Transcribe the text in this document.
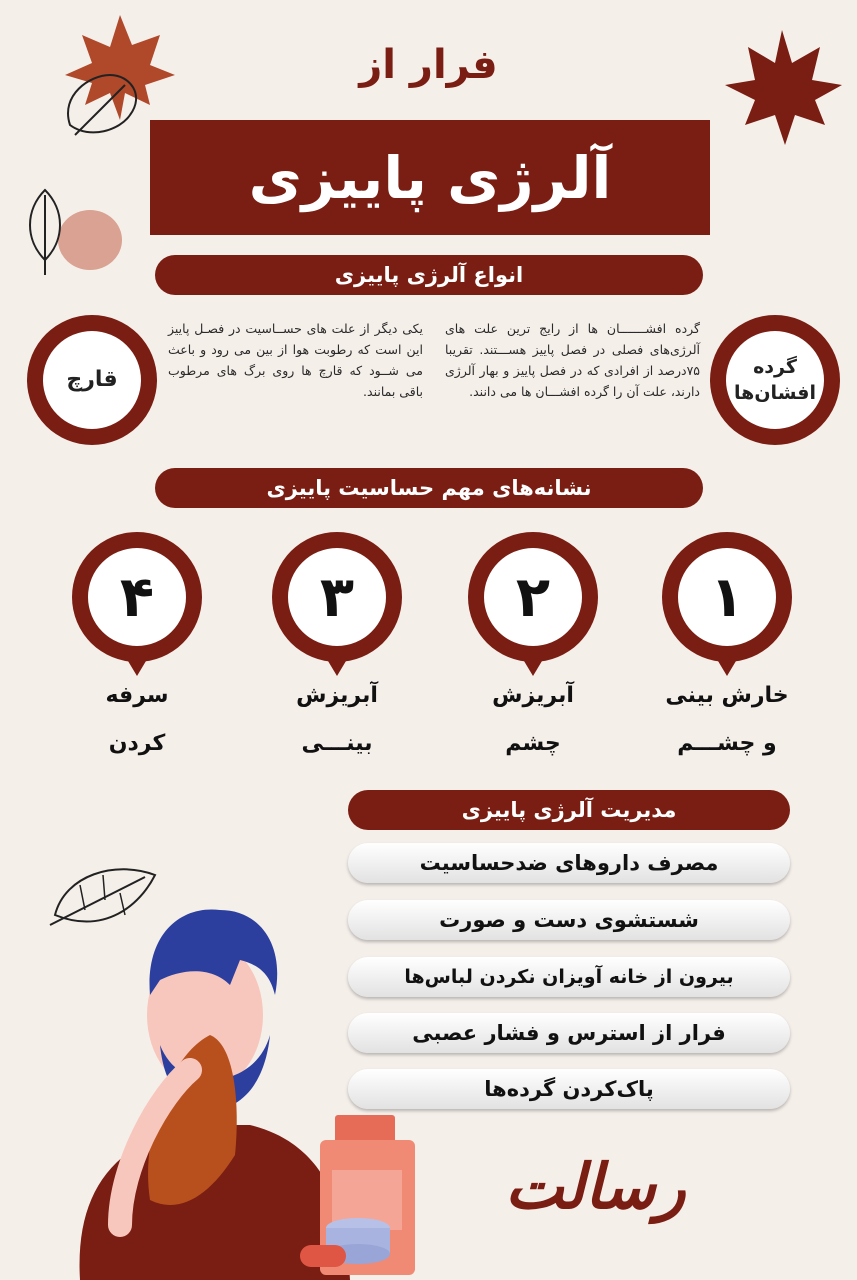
فرار از
آلرژی پاییزی
انواع آلرژی پاییزی
گرده
افشان‌ها
گرده افشـــــــان ها از رایج ترین علت های آلرژی‌های فصلی در فصل پاییز هســـتند. تقریبا ۷۵درصد از افرادی که در فصل پاییز و بهار آلرژی دارند، علت آن را گرده افشـــان ها می دانند.
قارچ
یکی دیگر از علت های حســاسیت در فصـل پاییز این است که رطوبت هوا از بین می رود و باعث می شــود که قارچ ها روی برگ های مرطوب باقی بمانند.
نشانه‌های مهم حساسیت پاییزی
۱
۲
۳
۴
خارش بینی
و چشـــم
آبریزش
چشم
آبریزش
بینـــی
سرفه
کردن
مدیریت آلرژی پاییزی
مصرف داروهای ضدحساسیت
شستشوی دست و صورت
بیرون از خانه آویزان نکردن لباس‌ها
فرار از استرس و فشار عصبی
پاک‌کردن گرده‌ها
رسالت
